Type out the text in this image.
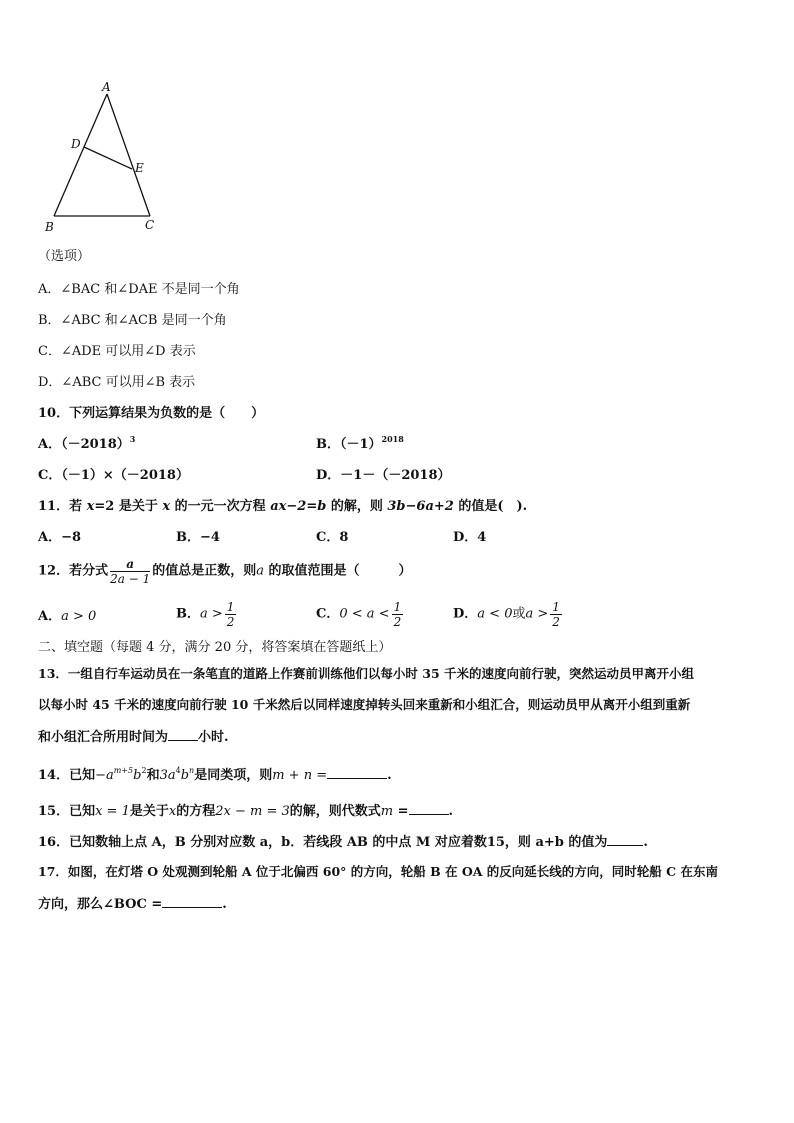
A
D
E
B	C
（选项）
A．∠BAC 和∠DAE 不是同一个角
B．∠ABC 和∠ACB 是同一个角
C．∠ADE 可以用∠D 表示
D．∠ABC 可以用∠B 表示
10．下列运算结果为负数的是（　　）
A．$(-2018)^3$	B．$(-1)^{2018}$
C．（－1）×（－2018）	D．－1－（－2018）
11．若 x=2 是关于 x 的一元一次方程 ax−2=b 的解，则 3b−6a+2 的值是(　).
A．−8	B．−4	C．8	D．4
12．若分式 $\frac{a}{2a - 1}$ 的值总是正数，则a 的取值范围是（　　　）
A．a > 0	B．$a > \frac{1}{2}$	C．$0 < a < \frac{1}{2}$	D．a < 0或$a > \frac{1}{2}$
二、填空题（每题 4 分，满分 20 分，将答案填在答题纸上）
13．一组自行车运动员在一条笔直的道路上作赛前训练他们以每小时 35 千米的速度向前行驶，突然运动员甲离开小组
以每小时 45 千米的速度向前行驶 10 千米然后以同样速度掉转头回来重新和小组汇合，则运动员甲从离开小组到重新
和小组汇合所用时间为 小时.
14．已知$-a^{m+5}b^2$和$3a^4b^n$是同类项，则m + n =	.
15．已知x = 1是关于x的方程2x − m = 3的解，则代数式m =	.
16．已知数轴上点 A，B 分别对应数 a，b．若线段 AB 的中点 M 对应着数15，则 a+b 的值为	.
17．如图，在灯塔 O 处观测到轮船 A 位于北偏西 60° 的方向，轮船 B 在 OA 的反向延长线的方向，同时轮船 C 在东南
方向，那么∠BOC =	.
